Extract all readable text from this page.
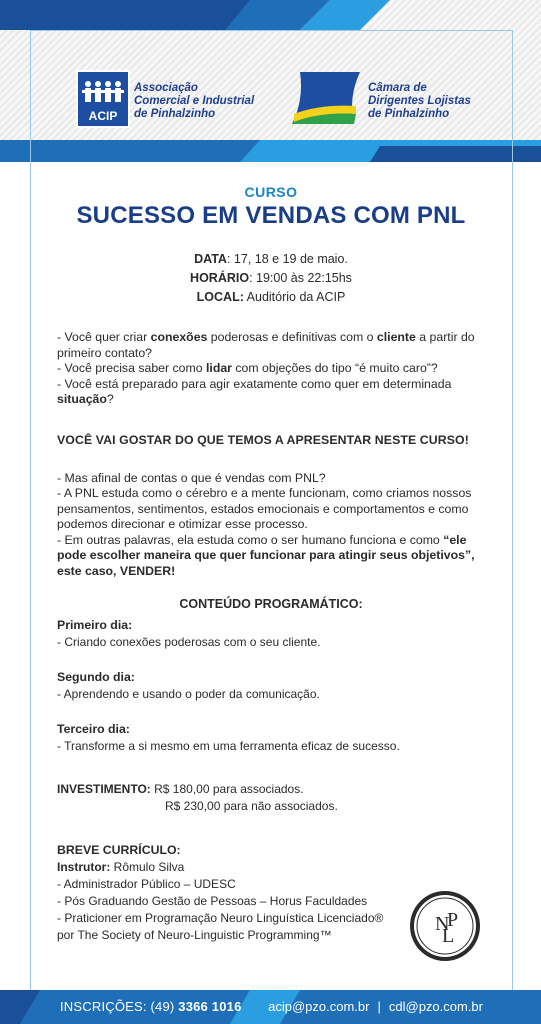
ACIP
Associação
Comercial e Industrial
de Pinhalzinho
Câmara de
Dirigentes Lojistas
de Pinhalzinho
CURSO
SUCESSO EM VENDAS COM PNL
DATA: 17, 18 e 19 de maio.
HORÁRIO: 19:00 às 22:15hs
LOCAL: Auditório da ACIP

- Você quer criar conexões poderosas e definitivas com o cliente a partir do primeiro contato?

- Você precisa saber como lidar com objeções do tipo “é muito caro”?

- Você está preparado para agir exatamente como quer em determinada situação?

VOCÊ VAI GOSTAR DO QUE TEMOS A APRESENTAR NESTE CURSO!

- Mas afinal de contas o que é vendas com PNL?

- A PNL estuda como o cérebro e a mente funcionam, como criamos nossos pensamentos, sentimentos, estados emocionais e comportamentos e como podemos direcionar e otimizar esse processo.

- Em outras palavras, ela estuda como o ser humano funciona e como “ele pode escolher maneira que quer funcionar para atingir seus objetivos”, este caso, VENDER!

CONTEÚDO PROGRAMÁTICO:
Primeiro dia:
- Criando conexões poderosas com o seu cliente.
Segundo dia:
- Aprendendo e usando o poder da comunicação.
Terceiro dia:
- Transforme a si mesmo em uma ferramenta eficaz de sucesso.
INVESTIMENTO: R$ 180,00 para associados.
R$ 230,00 para não associados.
BREVE CURRÍCULO:
Instrutor: Rômulo Silva
- Administrador Público – UDESC
- Pós Graduando Gestão de Pessoas – Horus Faculdades
- Praticioner em Programação Neuro Linguística Licenciado® por The Society of Neuro-Linguistic Programming™	N
L
P
INSCRIÇÕES: (49) 3366 1016 acip@pzo.com.br | cdl@pzo.com.br
